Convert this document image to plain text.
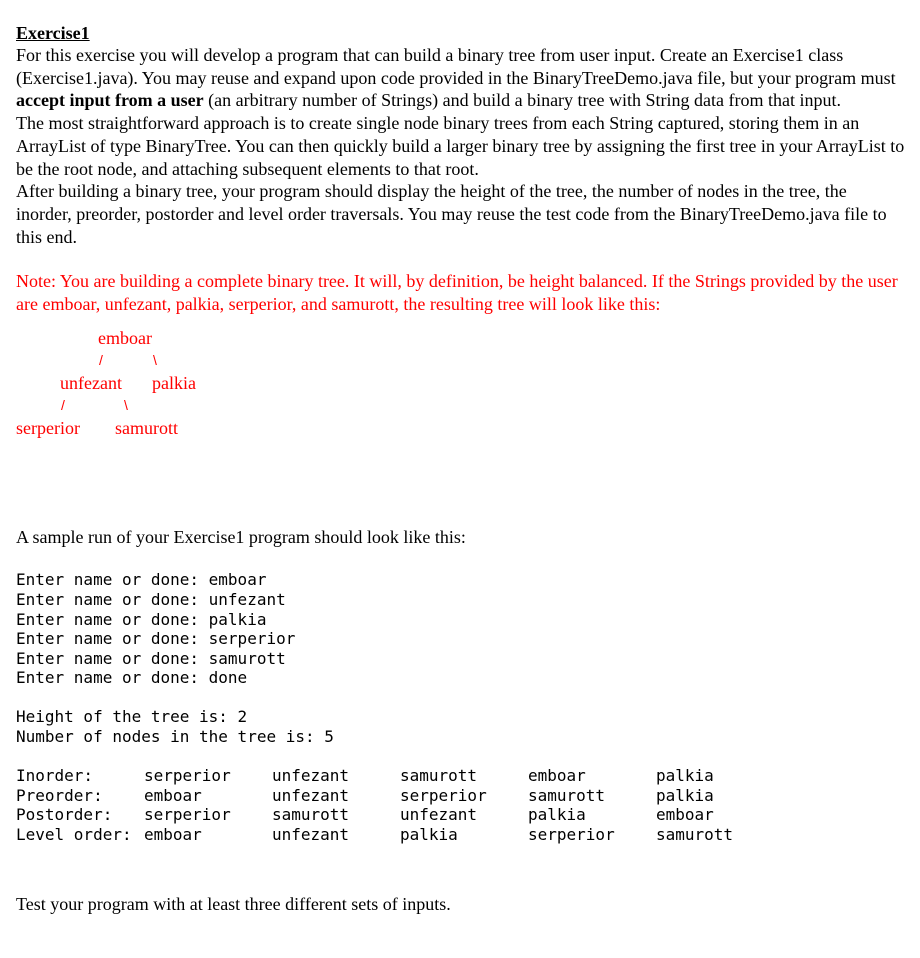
Exercise1

For this exercise you will develop a program that can build a binary tree from user input. Create an Exercise1 class (Exercise1.java). You may reuse and expand upon code provided in the BinaryTreeDemo.java file, but your program must accept input from a user (an arbitrary number of Strings) and build a binary tree with String data from that input.

The most straightforward approach is to create single node binary trees from each String captured, storing them in an ArrayList of type BinaryTree. You can then quickly build a larger binary tree by assigning the first tree in your ArrayList to be the root node, and attaching subsequent elements to that root.

After building a binary tree, your program should display the height of the tree, the number of nodes in the tree, the inorder, preorder, postorder and level order traversals. You may reuse the test code from the BinaryTreeDemo.java file to this end.

Note: You are building a complete binary tree. It will, by definition, be height balanced. If the Strings provided by the user are emboar, unfezant, palkia, serperior, and samurott, the resulting tree will look like this:

emboar
/	\
unfezant palkia
/	\
serperior samurott

A sample run of your Exercise1 program should look like this:

Enter name or done: emboar
Enter name or done: unfezant
Enter name or done: palkia
Enter name or done: serperior
Enter name or done: samurott
Enter name or done: done
Height of the tree is: 2
Number of nodes in the tree is: 5
Inorder:	serperior	unfezant	samurott	emboar	palkia
Preorder:	emboar	unfezant	serperior	samurott	palkia
Postorder:	serperior	samurott	unfezant	palkia	emboar
Level order:	emboar	unfezant	palkia	serperior	samurott

Test your program with at least three different sets of inputs.
